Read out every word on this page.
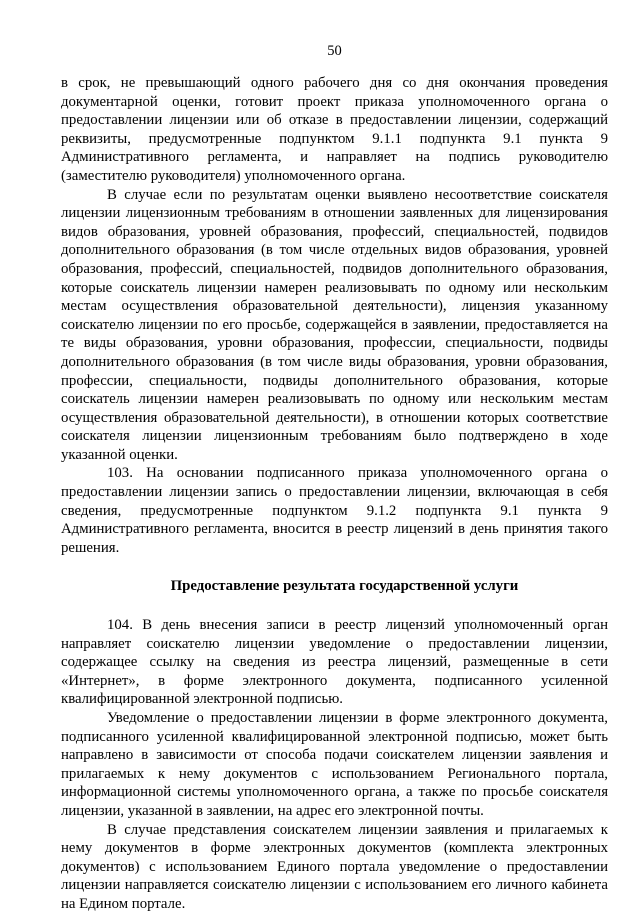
50

в срок, не превышающий одного рабочего дня со дня окончания проведения документарной оценки, готовит проект приказа уполномоченного органа о предоставлении лицензии или об отказе в предоставлении лицензии, содержащий реквизиты, предусмотренные подпунктом 9.1.1 подпункта 9.1 пункта 9 Административного регламента, и направляет на подпись руководителю (заместителю руководителя) уполномоченного органа.

В случае если по результатам оценки выявлено несоответствие соискателя лицензии лицензионным требованиям в отношении заявленных для лицензирования видов образования, уровней образования, профессий, специальностей, подвидов дополнительного образования (в том числе отдельных видов образования, уровней образования, профессий, специальностей, подвидов дополнительного образования, которые соискатель лицензии намерен реализовывать по одному или нескольким местам осуществления образовательной деятельности), лицензия указанному соискателю лицензии по его просьбе, содержащейся в заявлении, предоставляется на те виды образования, уровни образования, профессии, специальности, подвиды дополнительного образования (в том числе виды образования, уровни образования, профессии, специальности, подвиды дополнительного образования, которые соискатель лицензии намерен реализовывать по одному или нескольким местам осуществления образовательной деятельности), в отношении которых соответствие соискателя лицензии лицензионным требованиям было подтверждено в ходе указанной оценки.

103. На основании подписанного приказа уполномоченного органа о предоставлении лицензии запись о предоставлении лицензии, включающая в себя сведения, предусмотренные подпунктом 9.1.2 подпункта 9.1 пункта 9 Административного регламента, вносится в реестр лицензий в день принятия такого решения.

Предоставление результата государственной услуги

104. В день внесения записи в реестр лицензий уполномоченный орган направляет соискателю лицензии уведомление о предоставлении лицензии, содержащее ссылку на сведения из реестра лицензий, размещенные в сети «Интернет», в форме электронного документа, подписанного усиленной квалифицированной электронной подписью.

Уведомление о предоставлении лицензии в форме электронного документа, подписанного усиленной квалифицированной электронной подписью, может быть направлено в зависимости от способа подачи соискателем лицензии заявления и прилагаемых к нему документов с использованием Регионального портала, информационной системы уполномоченного органа, а также по просьбе соискателя лицензии, указанной в заявлении, на адрес его электронной почты.

В случае представления соискателем лицензии заявления и прилагаемых к нему документов в форме электронных документов (комплекта электронных документов) с использованием Единого портала уведомление о предоставлении лицензии направляется соискателю лицензии с использованием его личного кабинета на Едином портале.
